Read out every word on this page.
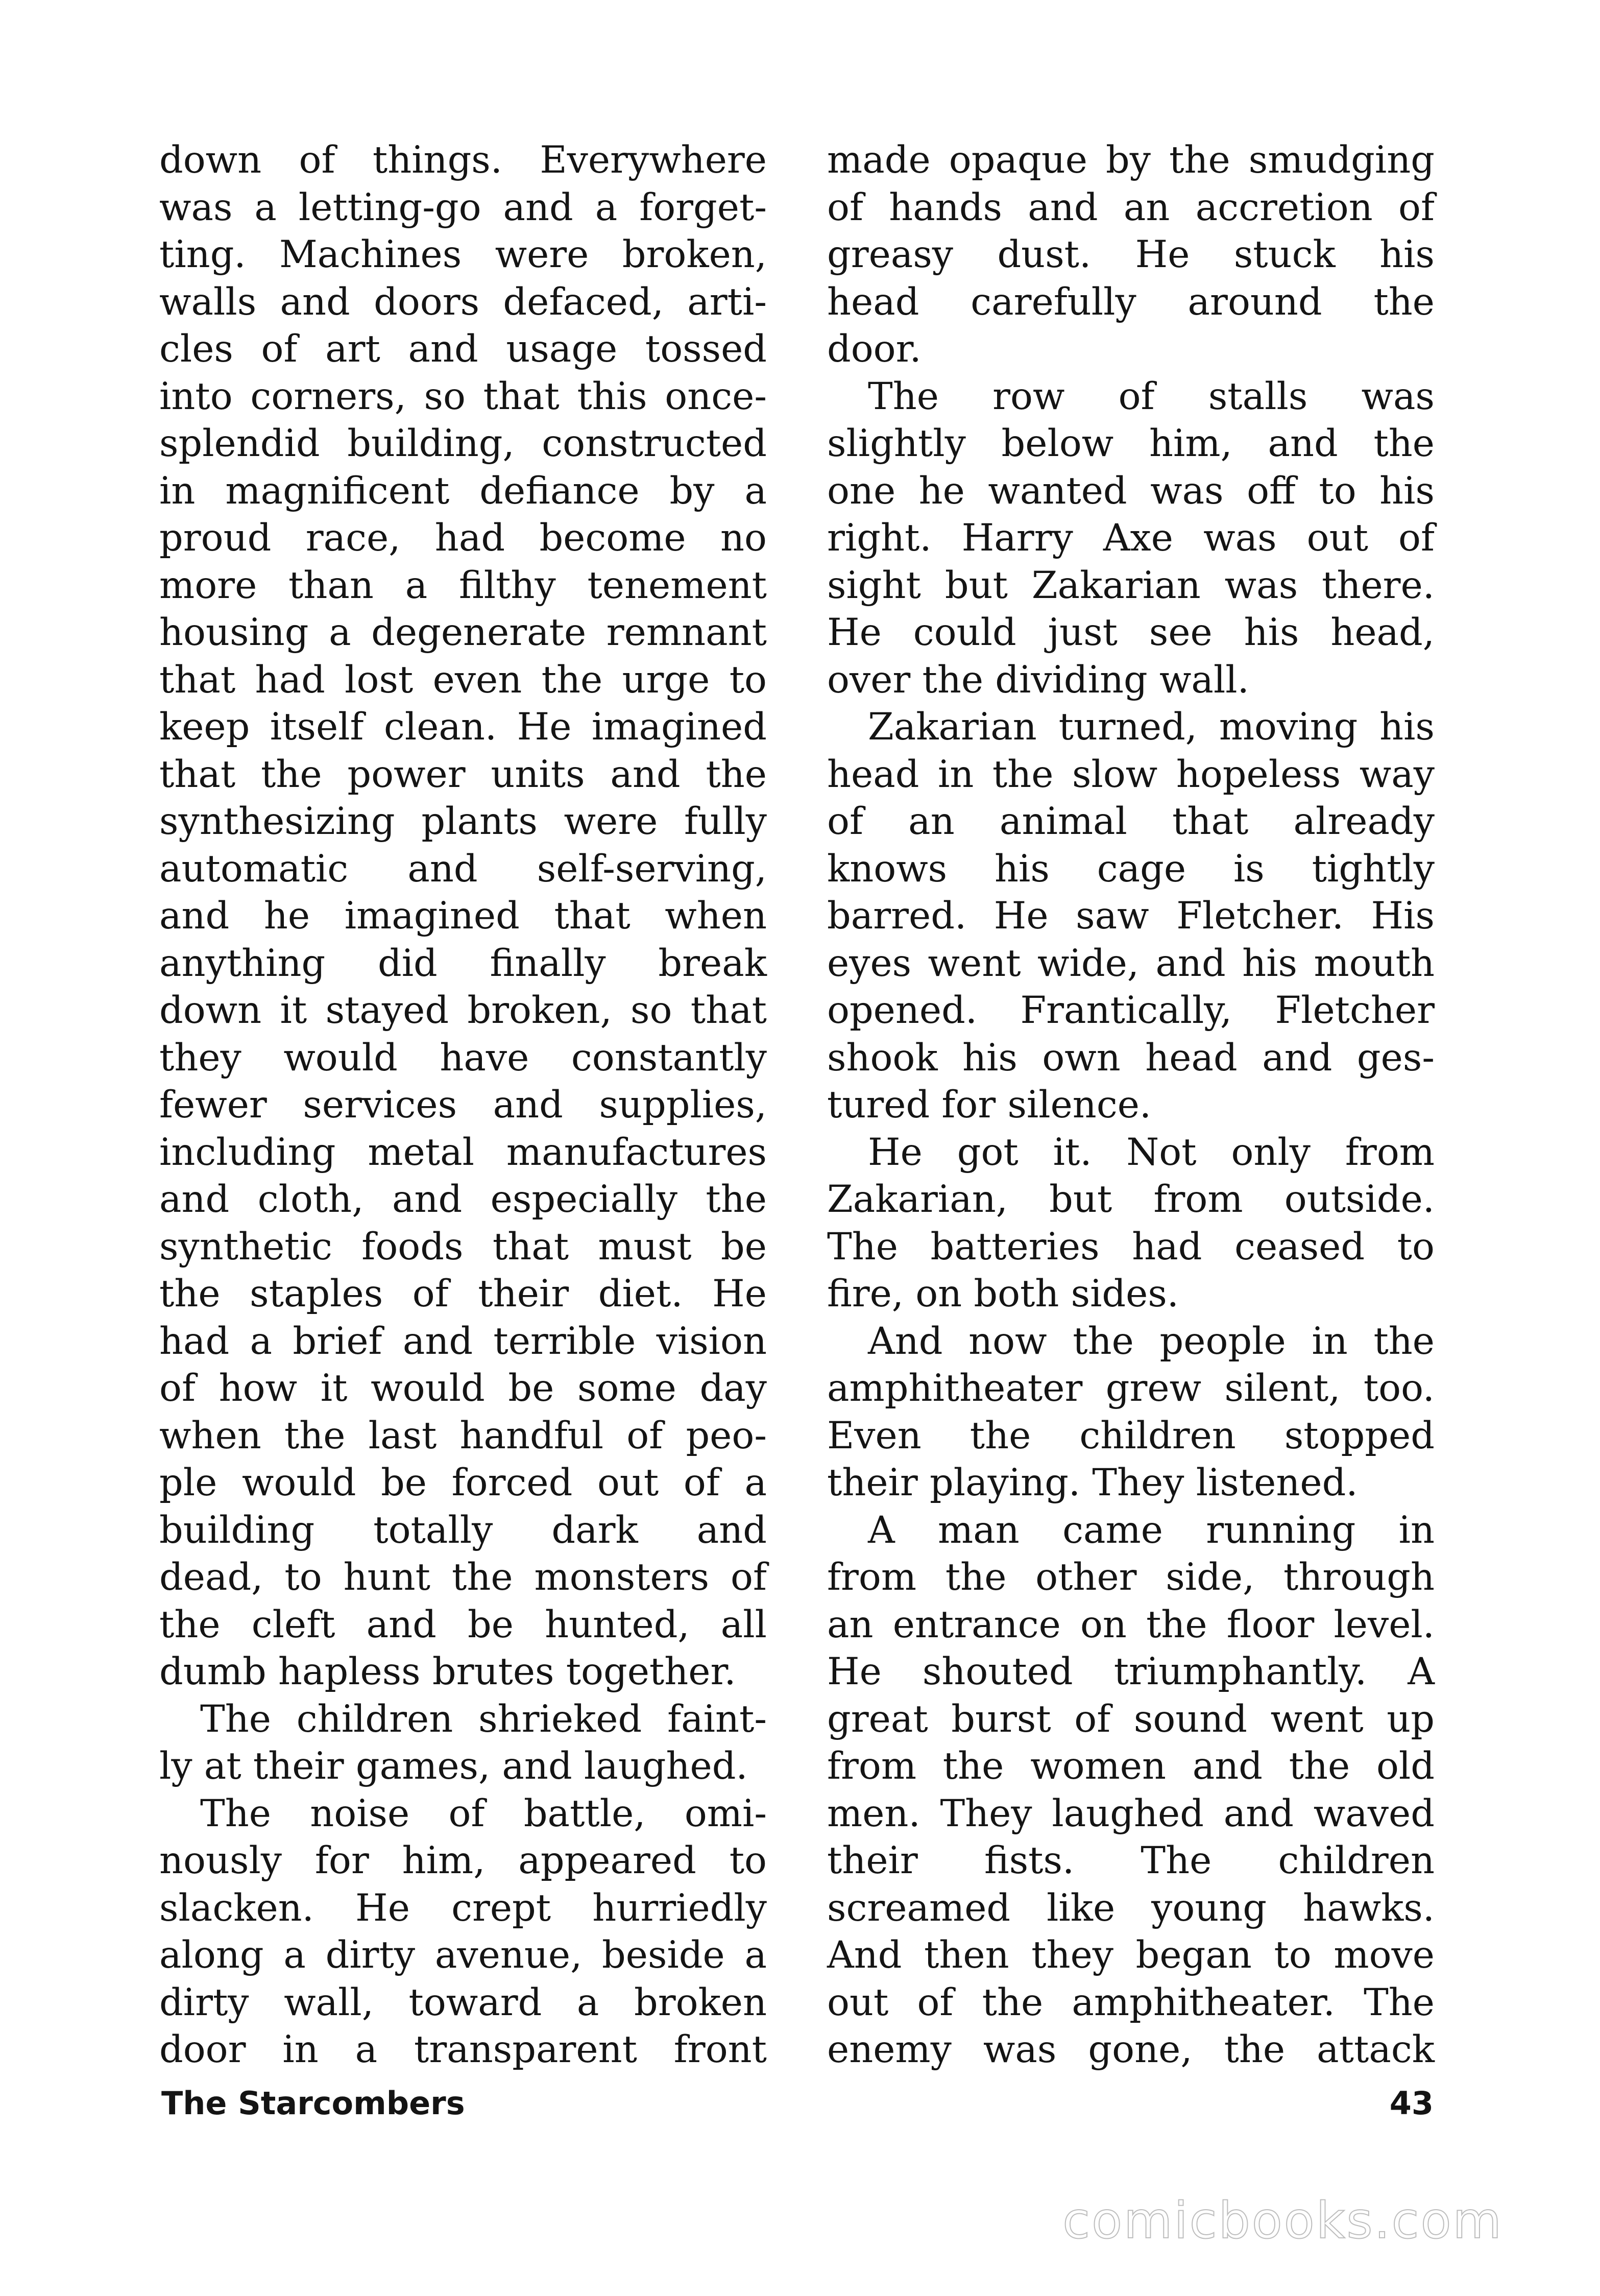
down of things. Everywhere
was a letting-go and a forget-
ting. Machines were broken,
walls and doors defaced, arti-
cles of art and usage tossed
into corners, so that this once-
splendid building, constructed
in magnificent defiance by a
proud race, had become no
more than a filthy tenement
housing a degenerate remnant
that had lost even the urge to
keep itself clean. He imagined
that the power units and the
synthesizing plants were fully
automatic and self-serving,
and he imagined that when
anything did finally break
down it stayed broken, so that
they would have constantly
fewer services and supplies,
including metal manufactures
and cloth, and especially the
synthetic foods that must be
the staples of their diet. He
had a brief and terrible vision
of how it would be some day
when the last handful of peo-
ple would be forced out of a
building totally dark and
dead, to hunt the monsters of
the cleft and be hunted, all
dumb hapless brutes together.
The children shrieked faint-
ly at their games, and laughed.
The noise of battle, omi-
nously for him, appeared to
slacken. He crept hurriedly
along a dirty avenue, beside a
dirty wall, toward a broken
door in a transparent front
made opaque by the smudging
of hands and an accretion of
greasy dust. He stuck his
head carefully around the
door.
The row of stalls was
slightly below him, and the
one he wanted was off to his
right. Harry Axe was out of
sight but Zakarian was there.
He could just see his head,
over the dividing wall.
Zakarian turned, moving his
head in the slow hopeless way
of an animal that already
knows his cage is tightly
barred. He saw Fletcher. His
eyes went wide, and his mouth
opened. Frantically, Fletcher
shook his own head and ges-
tured for silence.
He got it. Not only from
Zakarian, but from outside.
The batteries had ceased to
fire, on both sides.
And now the people in the
amphitheater grew silent, too.
Even the children stopped
their playing. They listened.
A man came running in
from the other side, through
an entrance on the floor level.
He shouted triumphantly. A
great burst of sound went up
from the women and the old
men. They laughed and waved
their fists. The children
screamed like young hawks.
And then they began to move
out of the amphitheater. The
enemy was gone, the attack
The Starcombers	43
comicbooks.com
